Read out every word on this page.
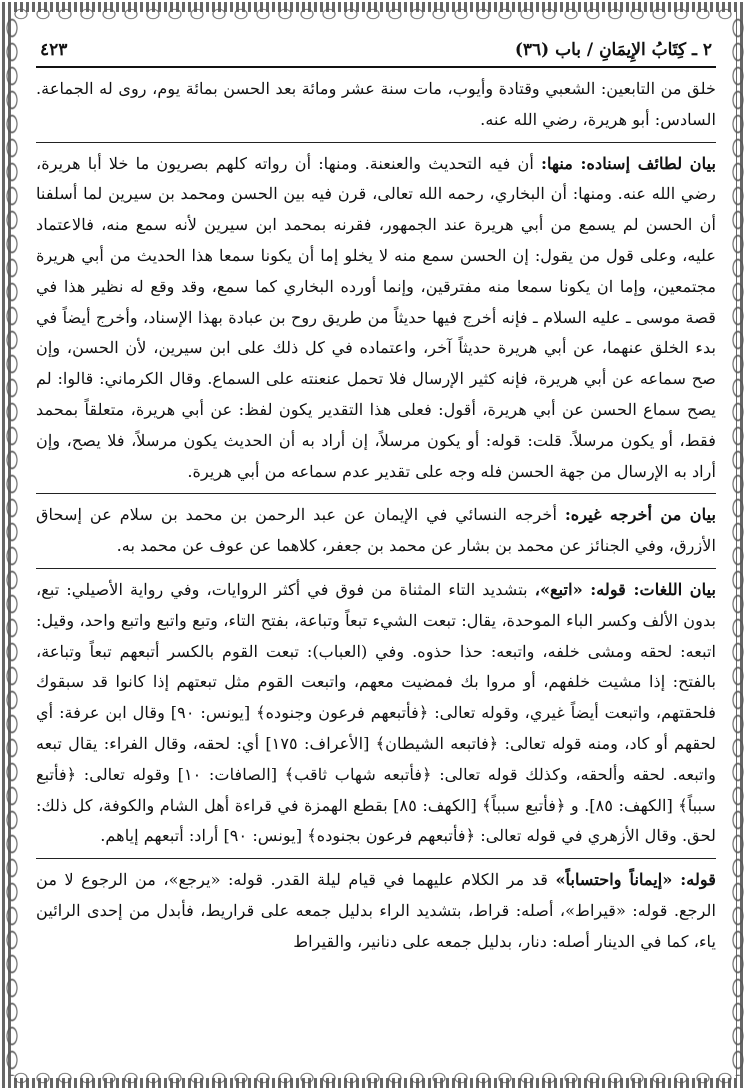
٢ ـ كِتَابُ الإِيمَانِ / باب (٣٦)
٤٢٣

خلق من التابعين: الشعبي وقتادة وأيوب، مات سنة عشر ومائة بعد الحسن بمائة يوم، روى له الجماعة. السادس: أبو هريرة، رضي الله عنه.

بيان لطائف إسناده: منها: أن فيه التحديث والعنعنة. ومنها: أن رواته كلهم بصريون ما خلا أبا هريرة، رضي الله عنه. ومنها: أن البخاري، رحمه الله تعالى، قرن فيه بين الحسن ومحمد بن سيرين لما أسلفنا أن الحسن لم يسمع من أبي هريرة عند الجمهور، فقرنه بمحمد ابن سيرين لأنه سمع منه، فالاعتماد عليه، وعلى قول من يقول: إن الحسن سمع منه لا يخلو إما أن يكونا سمعا هذا الحديث من أبي هريرة مجتمعين، وإما ان يكونا سمعا منه مفترقين، وإنما أورده البخاري كما سمع، وقد وقع له نظير هذا في قصة موسى ـ عليه السلام ـ فإنه أخرج فيها حديثاً من طريق روح بن عبادة بهذا الإسناد، وأخرج أيضاً في بدء الخلق عنهما، عن أبي هريرة حديثاً آخر، واعتماده في كل ذلك على ابن سيرين، لأن الحسن، وإن صح سماعه عن أبي هريرة، فإنه كثير الإرسال فلا تحمل عنعنته على السماع. وقال الكرماني: قالوا: لم يصح سماع الحسن عن أبي هريرة، أقول: فعلى هذا التقدير يكون لفظ: عن أبي هريرة، متعلقاً بمحمد فقط، أو يكون مرسلاً. قلت: قوله: أو يكون مرسلاً، إن أراد به أن الحديث يكون مرسلاً، فلا يصح، وإن أراد به الإرسال من جهة الحسن فله وجه على تقدير عدم سماعه من أبي هريرة.

بيان من أخرجه غيره: أخرجه النسائي في الإيمان عن عبد الرحمن بن محمد بن سلام عن إسحاق الأزرق، وفي الجنائز عن محمد بن بشار عن محمد بن جعفر، كلاهما عن عوف عن محمد به.

بيان اللغات: قوله: «اتبع»، بتشديد التاء المثناة من فوق في أكثر الروايات، وفي رواية الأصيلي: تبع، بدون الألف وكسر الباء الموحدة، يقال: تبعت الشيء تبعاً وتباعة، بفتح التاء، وتبع واتبع واتبع واحد، وقيل: اتبعه: لحقه ومشى خلفه، واتبعه: حذا حذوه. وفي (العباب): تبعت القوم بالكسر أتبعهم تبعاً وتباعة، بالفتح: إذا مشيت خلفهم، أو مروا بك فمضيت معهم، واتبعت القوم مثل تبعتهم إذا كانوا قد سبقوك فلحقتهم، واتبعت أيضاً غيري، وقوله تعالى: ﴿فأتبعهم فرعون وجنوده﴾ [يونس: ٩٠] وقال ابن عرفة: أي لحقهم أو كاد، ومنه قوله تعالى: ﴿فاتبعه الشيطان﴾ [الأعراف: ١٧٥] أي: لحقه، وقال الفراء: يقال تبعه واتبعه. لحقه وألحقه، وكذلك قوله تعالى: ﴿فأتبعه شهاب ثاقب﴾ [الصافات: ١٠] وقوله تعالى: ﴿فأتبع سبباً﴾ [الكهف: ٨٥]. و ﴿فأتبع سبباً﴾ [الكهف: ٨٥] بقطع الهمزة في قراءة أهل الشام والكوفة، كل ذلك: لحق. وقال الأزهري في قوله تعالى: ﴿فأتبعهم فرعون بجنوده﴾ [يونس: ٩٠] أراد: أتبعهم إياهم.

قوله: «إيماناً واحتساباً» قد مر الكلام عليهما في قيام ليلة القدر. قوله: «يرجع»، من الرجوع لا من الرجع. قوله: «قيراط»، أصله: قراط، بتشديد الراء بدليل جمعه على قراريط، فأبدل من إحدى الرائين ياء، كما في الدينار أصله: دنار، بدليل جمعه على دنانير، والقيراط
